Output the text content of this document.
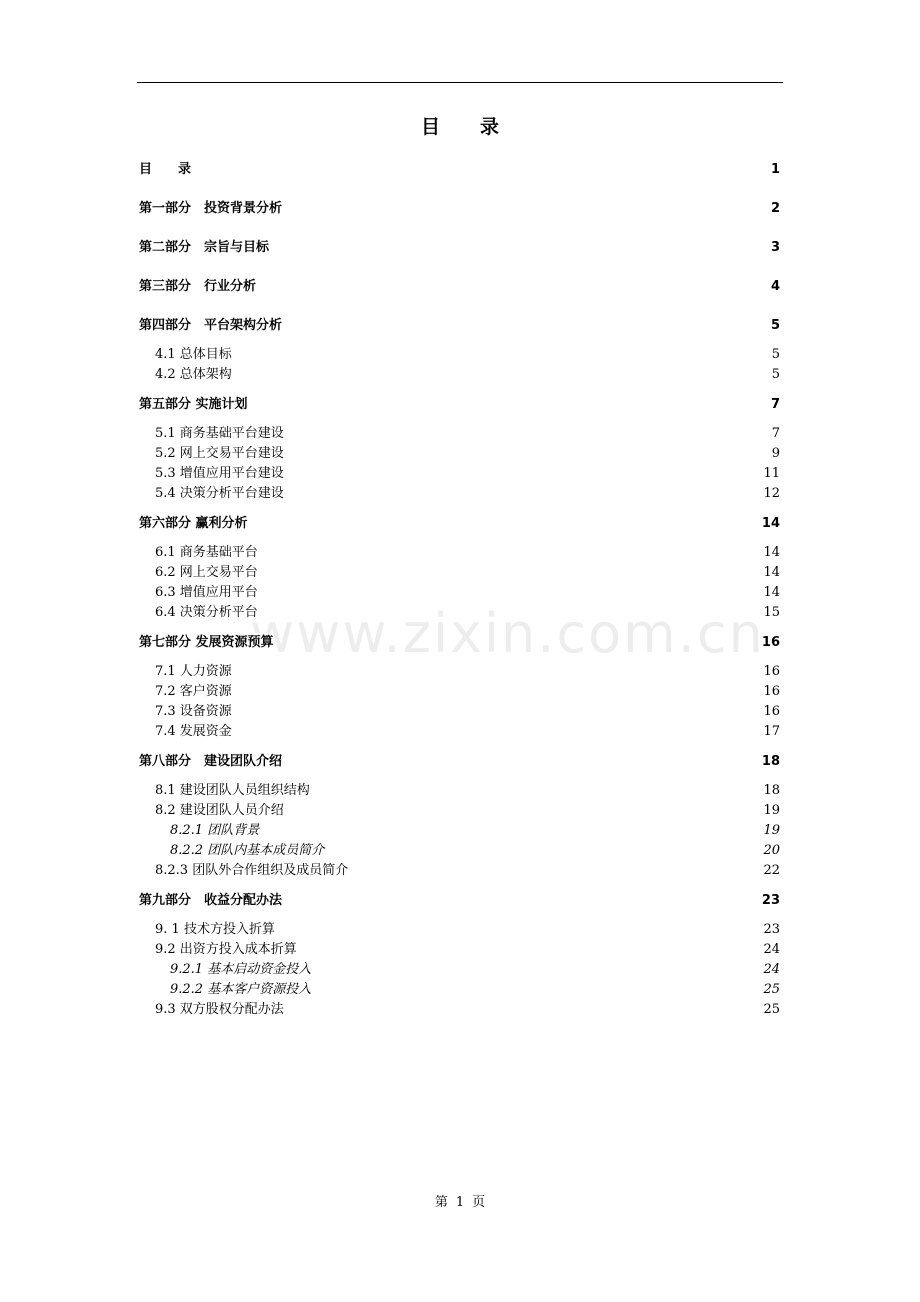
目 录
www.zixin.com.cn
目　　录	1
第一部分　投资背景分析	2
第二部分　宗旨与目标	3
第三部分　行业分析	4
第四部分　平台架构分析	5
4.1 总体目标	5
4.2 总体架构	5
第五部分 实施计划	7
5.1 商务基础平台建设	7
5.2 网上交易平台建设	9
5.3 增值应用平台建设	11
5.4 决策分析平台建设	12
第六部分 赢利分析	14
6.1 商务基础平台	14
6.2 网上交易平台	14
6.3 增值应用平台	14
6.4 决策分析平台	15
第七部分 发展资源预算	16
7.1 人力资源	16
7.2 客户资源	16
7.3 设备资源	16
7.4 发展资金	17
第八部分　建设团队介绍	18
8.1 建设团队人员组织结构	18
8.2 建设团队人员介绍	19
8.2.1 团队背景	19
8.2.2 团队内基本成员简介	20
8.2.3 团队外合作组织及成员简介	22
第九部分　收益分配办法	23
9. 1 技术方投入折算	23
9.2 出资方投入成本折算	24
9.2.1 基本启动资金投入	24
9.2.2 基本客户资源投入	25
9.3 双方股权分配办法	25
第 1 页
